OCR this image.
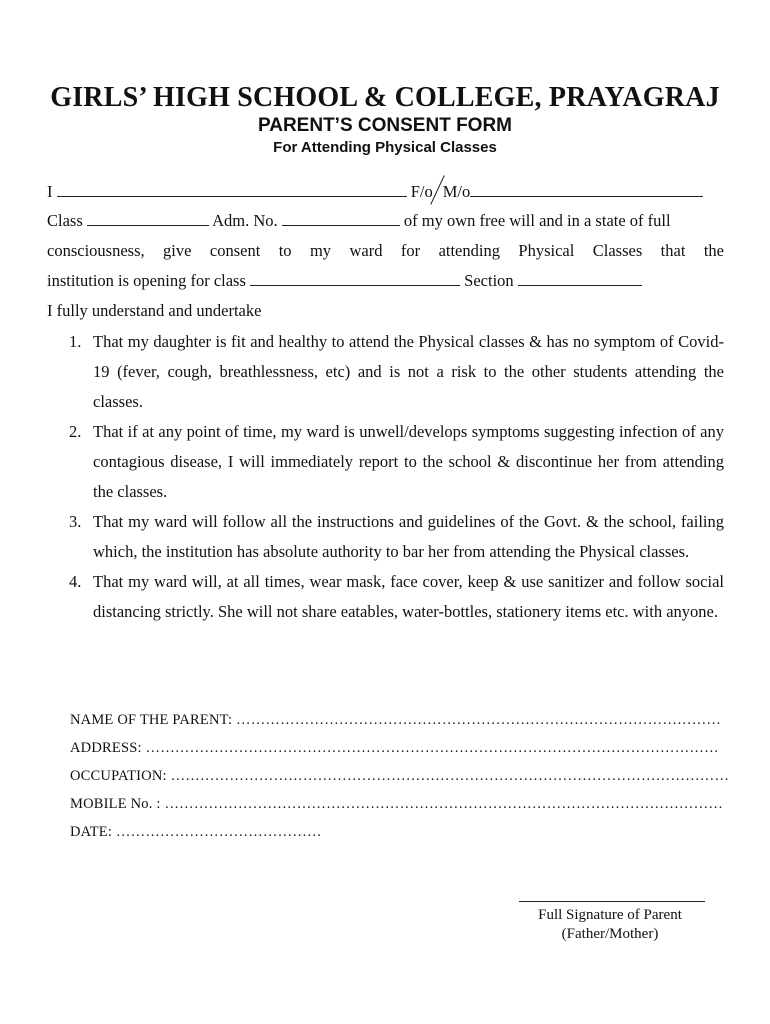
GIRLS’ HIGH SCHOOL & COLLEGE, PRAYAGRAJ
PARENT’S CONSENT FORM
For Attending Physical Classes
I	F/o M/o
Class	Adm. No.	of my own free will and in a state of full
consciousness, give consent to my ward for attending Physical Classes that the
institution is opening for class	Section
I fully understand and undertake
1. That my daughter is fit and healthy to attend the Physical classes & has no symptom of Covid-19 (fever, cough, breathlessness, etc) and is not a risk to the other students attending the classes.
2. That if at any point of time, my ward is unwell/develops symptoms suggesting infection of any contagious disease, I will immediately report to the school & discontinue her from attending the classes.
3. That my ward will follow all the instructions and guidelines of the Govt. & the school, failing which, the institution has absolute authority to bar her from attending the Physical classes.
4. That my ward will, at all times, wear mask, face cover, keep & use sanitizer and follow social distancing strictly. She will not share eatables, water-bottles, stationery items etc. with anyone.
NAME OF THE PARENT: ………………………………………………………………………………………
ADDRESS: ………………………………………………………………………………………………………
OCCUPATION: ……………………………………………………………………………………………………
MOBILE No. : ……………………………………………………………………………………………………
DATE: ……………………………………
Full Signature of Parent
(Father/Mother)
